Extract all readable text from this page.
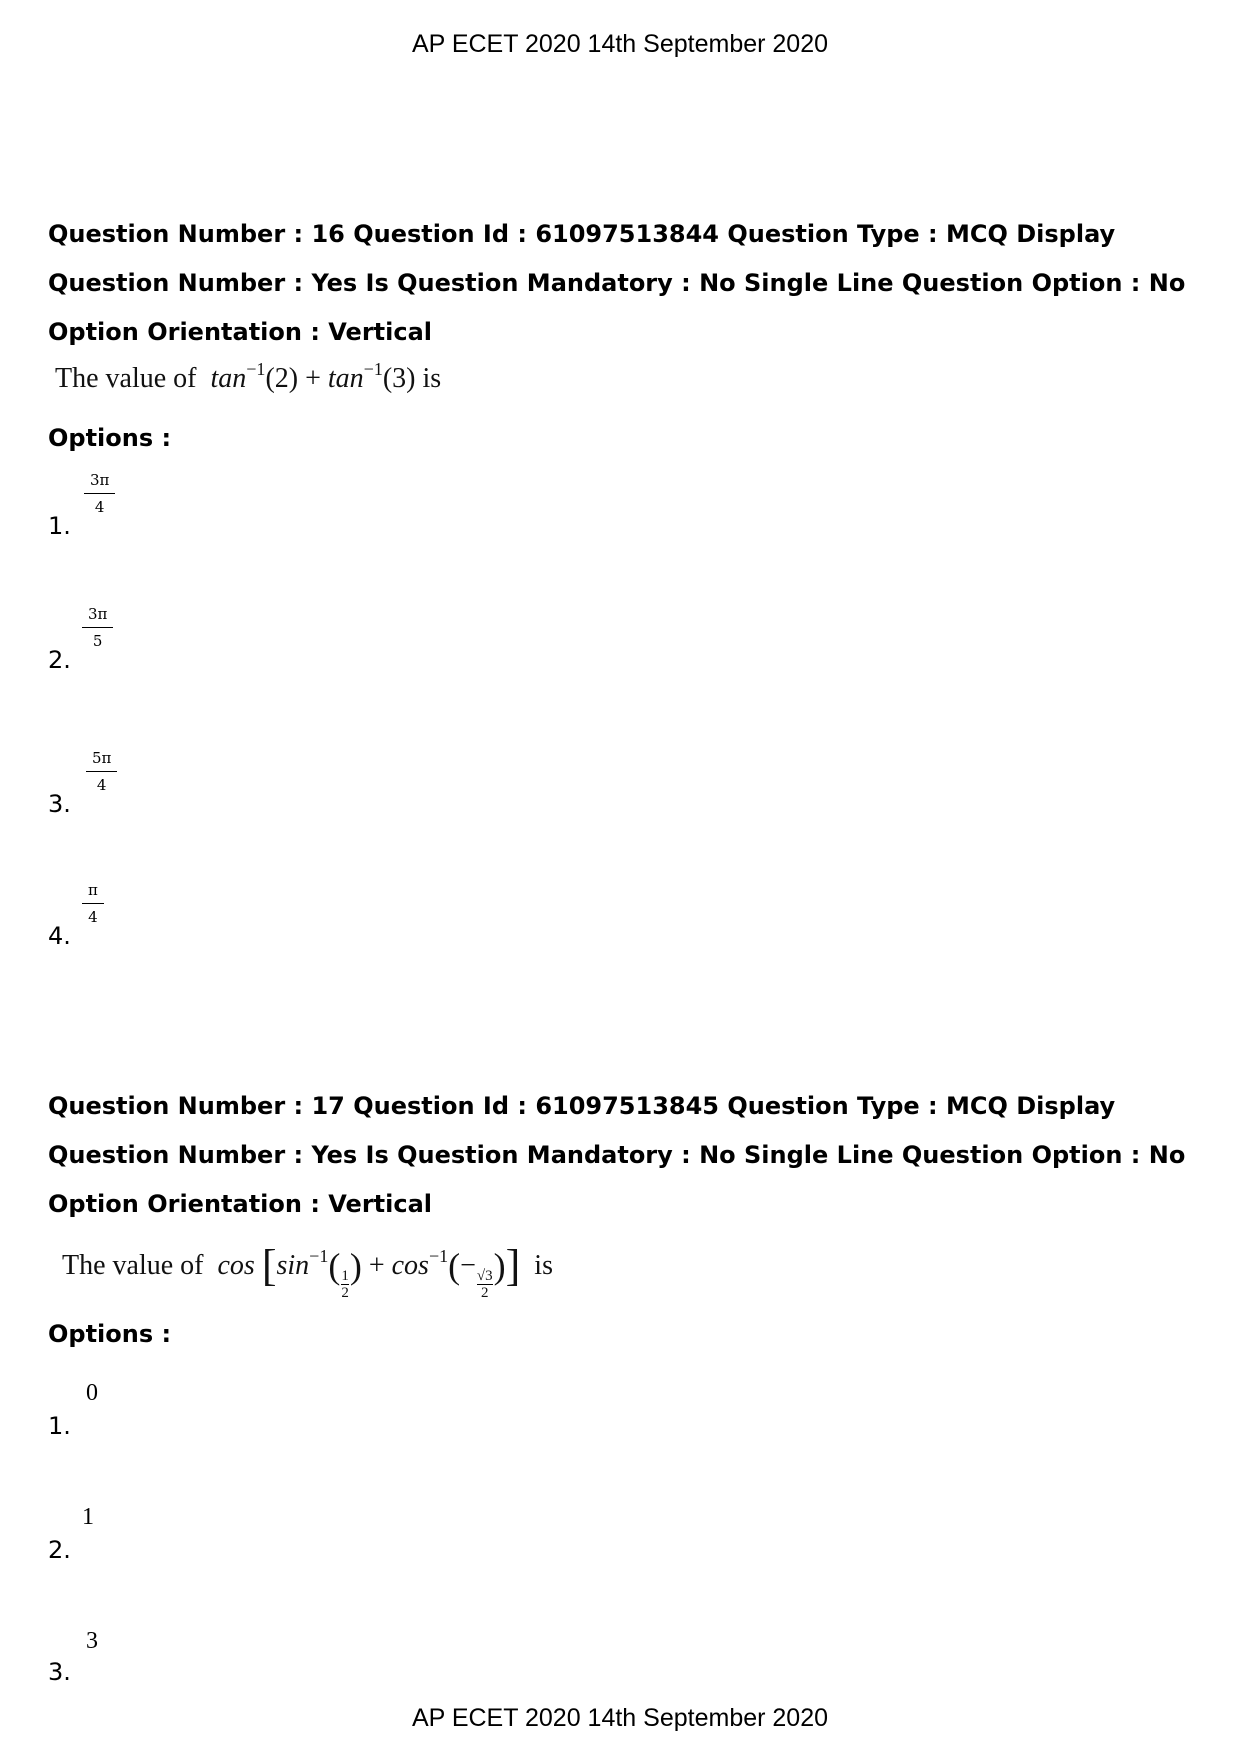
AP ECET 2020 14th September 2020
Question Number : 16 Question Id : 61097513844 Question Type : MCQ Display Question Number : Yes Is Question Mandatory : No Single Line Question Option : No Option Orientation : Vertical
The value of $\tan^{-1}(2) + \tan^{-1}(3)$ is
Options :
1.
3π
4
2.
3π
5
3.
5π
4
4.
π
4
Question Number : 17 Question Id : 61097513845 Question Type : MCQ Display Question Number : Yes Is Question Mandatory : No Single Line Question Option : No Option Orientation : Vertical
The value of $\cos [\sin^{-1}( \frac{1}{2}$ ) + $\cos^{-1}(-$
$\frac{√3}{2}$ )] is
Options :
1.
0
2.
1
3.
3
AP ECET 2020 14th September 2020
